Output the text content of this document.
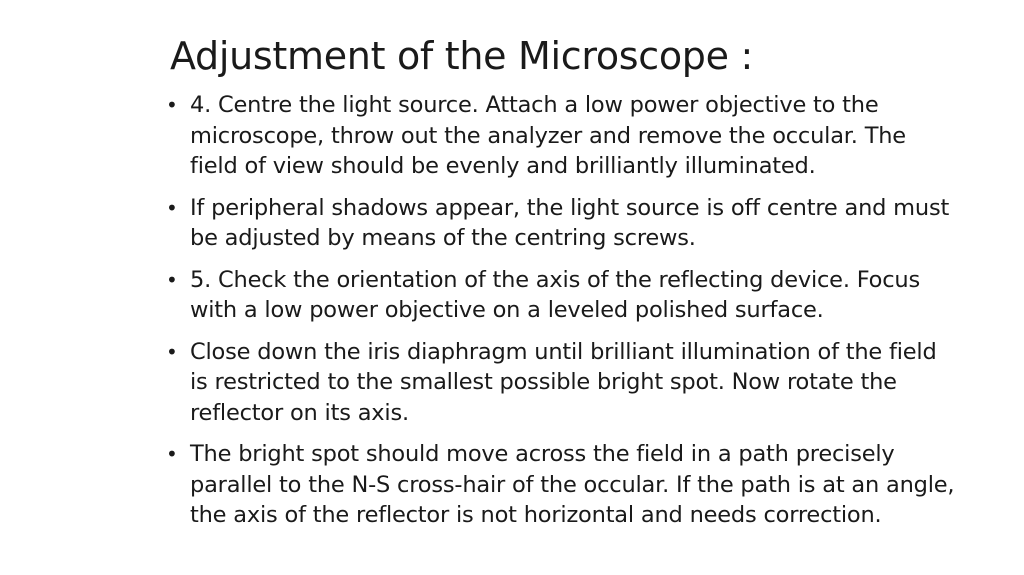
Adjustment of the Microscope :
• 4. Centre the light source. Attach a low power objective to the microscope, throw out the analyzer and remove the occular. The field of view should be evenly and brilliantly illuminated.
• If peripheral shadows appear, the light source is off centre and must be adjusted by means of the centring screws.
• 5. Check the orientation of the axis of the reflecting device. Focus with a low power objective on a leveled polished surface.
• Close down the iris diaphragm until brilliant illumination of the field is restricted to the smallest possible bright spot. Now rotate the reflector on its axis.
• The bright spot should move across the field in a path precisely parallel to the N-S cross-hair of the occular. If the path is at an angle, the axis of the reflector is not horizontal and needs correction.
